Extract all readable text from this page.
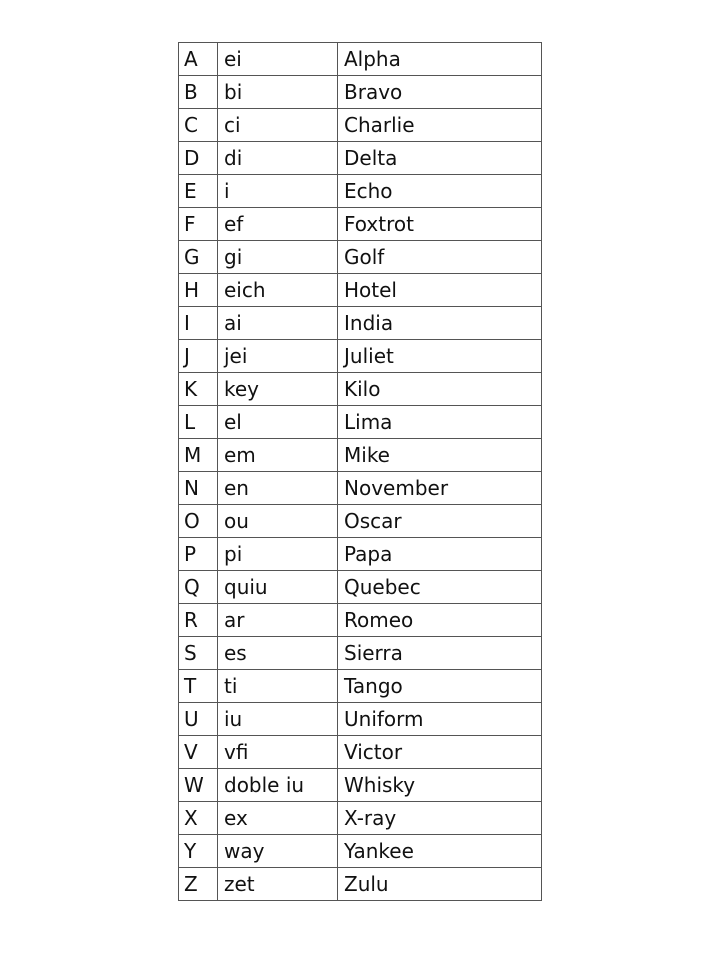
A	ei	Alpha
B	bi	Bravo
C	ci	Charlie
D	di	Delta
E	i	Echo
F	ef	Foxtrot
G	gi	Golf
H	eich	Hotel
I	ai	India
J	jei	Juliet
K	key	Kilo
L	el	Lima
M	em	Mike
N	en	November
O	ou	Oscar
P	pi	Papa
Q	quiu	Quebec
R	ar	Romeo
S	es	Sierra
T	ti	Tango
U	iu	Uniform
V	vfi	Victor
W	doble iu	Whisky
X	ex	X-ray
Y	way	Yankee
Z	zet	Zulu
